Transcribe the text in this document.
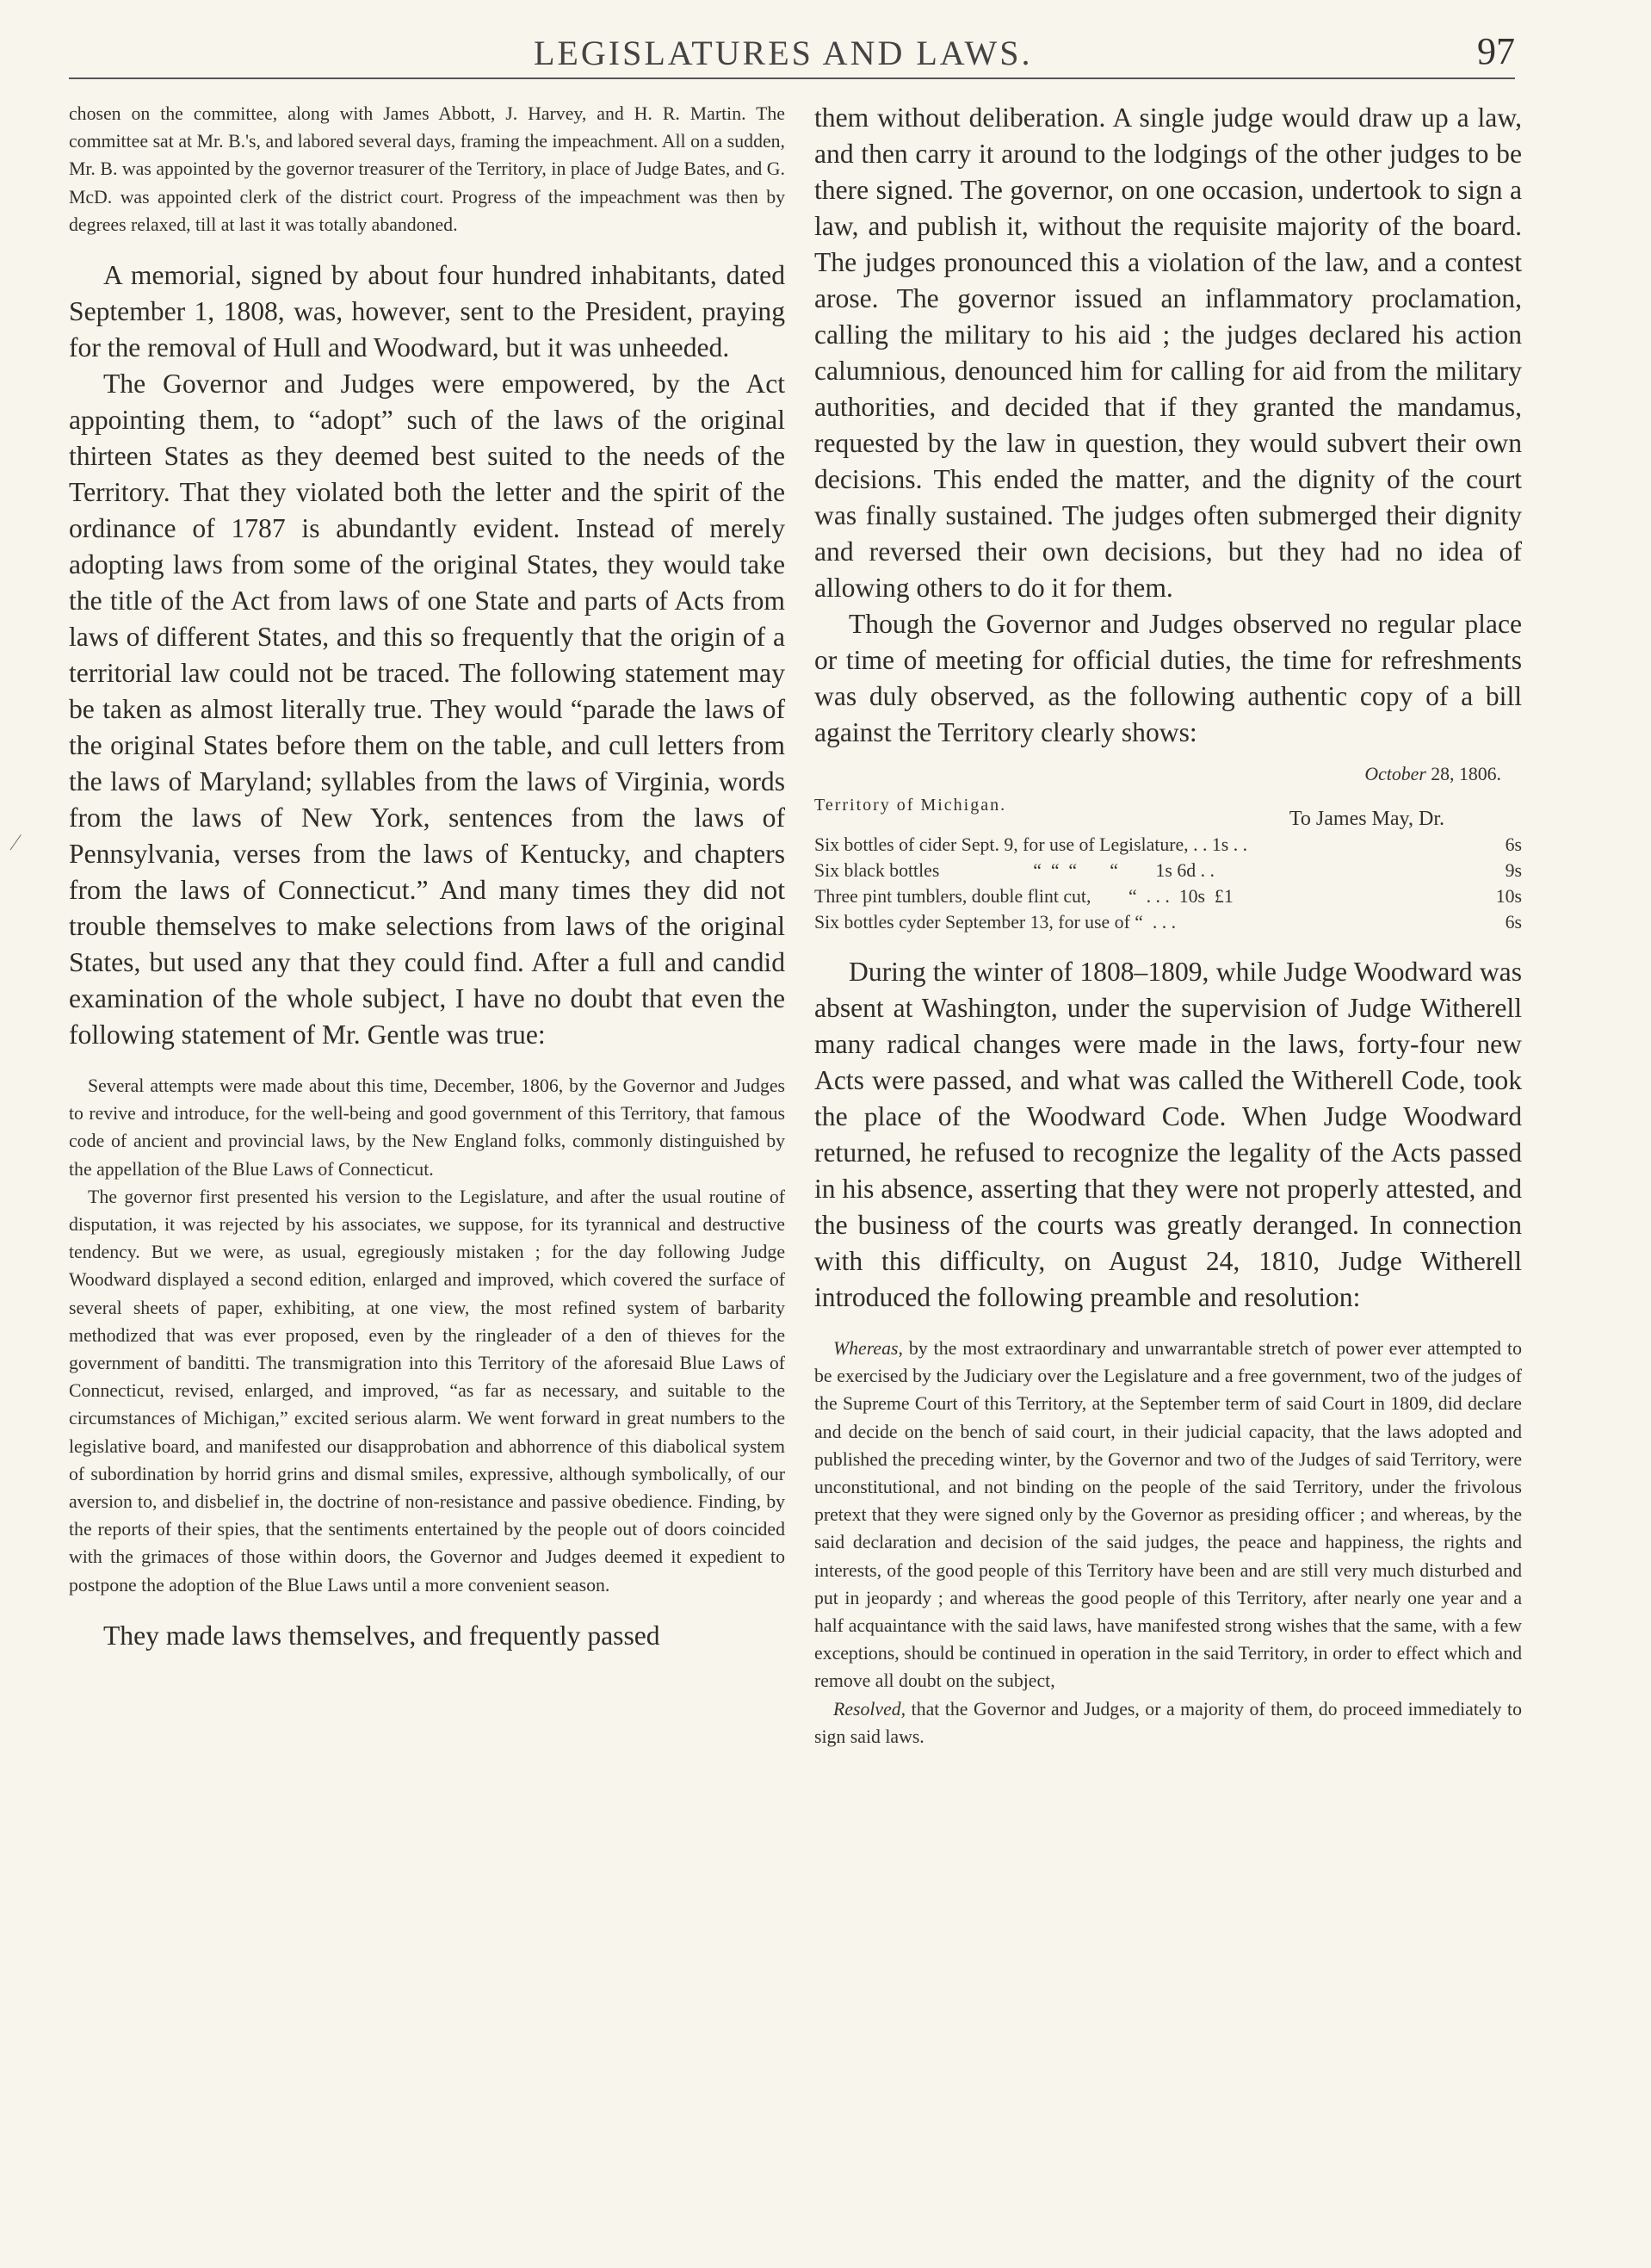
LEGISLATURES AND LAWS.	97
⁄

chosen on the committee, along with James Abbott, J. Harvey, and H. R. Martin. The committee sat at Mr. B.'s, and labored several days, framing the impeachment. All on a sudden, Mr. B. was appointed by the governor treasurer of the Territory, in place of Judge Bates, and G. McD. was appointed clerk of the district court. Progress of the impeachment was then by degrees relaxed, till at last it was totally abandoned.

A memorial, signed by about four hundred inhabitants, dated September 1, 1808, was, however, sent to the President, praying for the removal of Hull and Woodward, but it was unheeded.

The Governor and Judges were empowered, by the Act appointing them, to “adopt” such of the laws of the original thirteen States as they deemed best suited to the needs of the Territory. That they violated both the letter and the spirit of the ordinance of 1787 is abundantly evident. Instead of merely adopting laws from some of the original States, they would take the title of the Act from laws of one State and parts of Acts from laws of different States, and this so frequently that the origin of a territorial law could not be traced. The following statement may be taken as almost literally true. They would “parade the laws of the original States before them on the table, and cull letters from the laws of Maryland; syllables from the laws of Virginia, words from the laws of New York, sentences from the laws of Pennsylvania, verses from the laws of Kentucky, and chapters from the laws of Connecticut.” And many times they did not trouble themselves to make selections from laws of the original States, but used any that they could find. After a full and candid examination of the whole subject, I have no doubt that even the following statement of Mr. Gentle was true:

Several attempts were made about this time, December, 1806, by the Governor and Judges to revive and introduce, for the well-being and good government of this Territory, that famous code of ancient and provincial laws, by the New England folks, commonly distinguished by the appellation of the Blue Laws of Connecticut.

The governor first presented his version to the Legislature, and after the usual routine of disputation, it was rejected by his associates, we suppose, for its tyrannical and destructive tendency. But we were, as usual, egregiously mistaken ; for the day following Judge Woodward displayed a second edition, enlarged and improved, which covered the surface of several sheets of paper, exhibiting, at one view, the most refined system of barbarity methodized that was ever proposed, even by the ringleader of a den of thieves for the government of banditti. The transmigration into this Territory of the aforesaid Blue Laws of Connecticut, revised, enlarged, and improved, “as far as necessary, and suitable to the circumstances of Michigan,” excited serious alarm. We went forward in great numbers to the legislative board, and manifested our disapprobation and abhorrence of this diabolical system of subordination by horrid grins and dismal smiles, expressive, although symbolically, of our aversion to, and disbelief in, the doctrine of non-resistance and passive obedience. Finding, by the reports of their spies, that the sentiments entertained by the people out of doors coincided with the grimaces of those within doors, the Governor and Judges deemed it expedient to postpone the adoption of the Blue Laws until a more convenient season.

They made laws themselves, and frequently passed

them without deliberation. A single judge would draw up a law, and then carry it around to the lodgings of the other judges to be there signed. The governor, on one occasion, undertook to sign a law, and publish it, without the requisite majority of the board. The judges pronounced this a violation of the law, and a contest arose. The governor issued an inflammatory proclamation, calling the military to his aid ; the judges declared his action calumnious, denounced him for calling for aid from the military authorities, and decided that if they granted the mandamus, requested by the law in question, they would subvert their own decisions. This ended the matter, and the dignity of the court was finally sustained. The judges often submerged their dignity and reversed their own decisions, but they had no idea of allowing others to do it for them.

Though the Governor and Judges observed no regular place or time of meeting for official duties, the time for refreshments was duly observed, as the following authentic copy of a bill against the Territory clearly shows:

October 28, 1806.
Territory of Michigan.
To James May, Dr.
Six bottles of cider Sept. 9, for use of Legislature, . . 1s . .	6s
Six black bottles                    “  “  “       “        1s 6d . .	9s
Three pint tumblers, double flint cut,        “  . . .  10s  £1	10s
Six bottles cyder September 13, for use of “  . . .	6s

During the winter of 1808–1809, while Judge Woodward was absent at Washington, under the supervision of Judge Witherell many radical changes were made in the laws, forty-four new Acts were passed, and what was called the Witherell Code, took the place of the Woodward Code. When Judge Woodward returned, he refused to recognize the legality of the Acts passed in his absence, asserting that they were not properly attested, and the business of the courts was greatly deranged. In connection with this difficulty, on August 24, 1810, Judge Witherell introduced the following preamble and resolution:

Whereas, by the most extraordinary and unwarrantable stretch of power ever attempted to be exercised by the Judiciary over the Legislature and a free government, two of the judges of the Supreme Court of this Territory, at the September term of said Court in 1809, did declare and decide on the bench of said court, in their judicial capacity, that the laws adopted and published the preceding winter, by the Governor and two of the Judges of said Territory, were unconstitutional, and not binding on the people of the said Territory, under the frivolous pretext that they were signed only by the Governor as presiding officer ; and whereas, by the said declaration and decision of the said judges, the peace and happiness, the rights and interests, of the good people of this Territory have been and are still very much disturbed and put in jeopardy ; and whereas the good people of this Territory, after nearly one year and a half acquaintance with the said laws, have manifested strong wishes that the same, with a few exceptions, should be continued in operation in the said Territory, in order to effect which and remove all doubt on the subject,

Resolved, that the Governor and Judges, or a majority of them, do proceed immediately to sign said laws.
